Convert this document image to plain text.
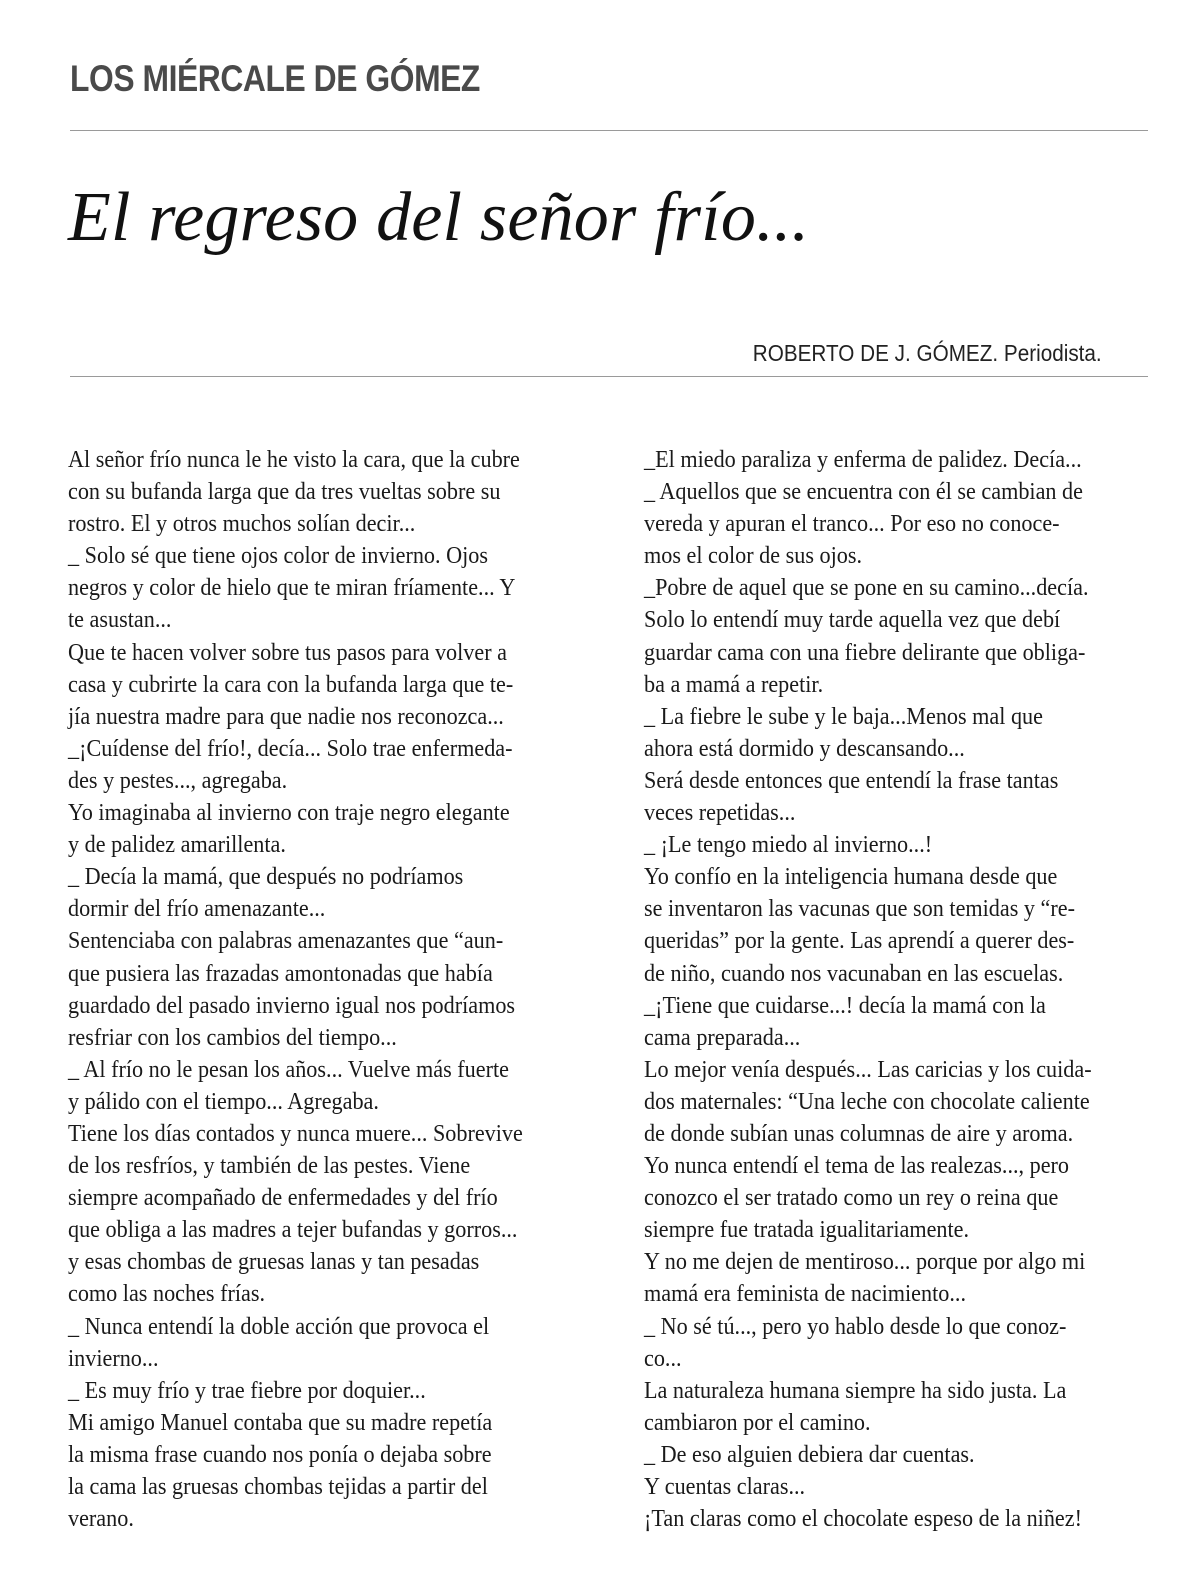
LOS MIÉRCALE DE GÓMEZ
El regreso del señor frío...
ROBERTO DE J. GÓMEZ. Periodista.
Al señor frío nunca le he visto la cara, que la cubre
con su bufanda larga que da tres vueltas sobre su
rostro. El y otros muchos solían decir...
_ Solo sé que tiene ojos color de invierno. Ojos
negros y color de hielo que te miran fríamente... Y
te asustan...
Que te hacen volver sobre tus pasos para volver a
casa y cubrirte la cara con la bufanda larga que te-
jía nuestra madre para que nadie nos reconozca...
_¡Cuídense del frío!, decía... Solo trae enfermeda-
des y pestes..., agregaba.
Yo imaginaba al invierno con traje negro elegante
y de palidez amarillenta.
_ Decía la mamá, que después no podríamos
dormir del frío amenazante...
Sentenciaba con palabras amenazantes que “aun-
que pusiera las frazadas amontonadas que había
guardado del pasado invierno igual nos podríamos
resfriar con los cambios del tiempo...
_ Al frío no le pesan los años... Vuelve más fuerte
y pálido con el tiempo... Agregaba.
Tiene los días contados y nunca muere... Sobrevive
de los resfríos, y también de las pestes. Viene
siempre acompañado de enfermedades y del frío
que obliga a las madres a tejer bufandas y gorros...
y esas chombas de gruesas lanas y tan pesadas
como las noches frías.
_ Nunca entendí la doble acción que provoca el
invierno...
_ Es muy frío y trae fiebre por doquier...
Mi amigo Manuel contaba que su madre repetía
la misma frase cuando nos ponía o dejaba sobre
la cama las gruesas chombas tejidas a partir del
verano.
_El miedo paraliza y enferma de palidez. Decía...
_ Aquellos que se encuentra con él se cambian de
vereda y apuran el tranco... Por eso no conoce-
mos el color de sus ojos.
_Pobre de aquel que se pone en su camino...decía.
Solo lo entendí muy tarde aquella vez que debí
guardar cama con una fiebre delirante que obliga-
ba a mamá a repetir.
_ La fiebre le sube y le baja...Menos mal que
ahora está dormido y descansando...
Será desde entonces que entendí la frase tantas
veces repetidas...
_ ¡Le tengo miedo al invierno...!
Yo confío en la inteligencia humana desde que
se inventaron las vacunas que son temidas y “re-
queridas” por la gente. Las aprendí a querer des-
de niño, cuando nos vacunaban en las escuelas.
_¡Tiene que cuidarse...! decía la mamá con la
cama preparada...
Lo mejor venía después... Las caricias y los cuida-
dos maternales: “Una leche con chocolate caliente
de donde subían unas columnas de aire y aroma.
Yo nunca entendí el tema de las realezas..., pero
conozco el ser tratado como un rey o reina que
siempre fue tratada igualitariamente.
Y no me dejen de mentiroso... porque por algo mi
mamá era feminista de nacimiento...
_ No sé tú..., pero yo hablo desde lo que conoz-
co...
La naturaleza humana siempre ha sido justa. La
cambiaron por el camino.
_ De eso alguien debiera dar cuentas.
Y cuentas claras...
¡Tan claras como el chocolate espeso de la niñez!
